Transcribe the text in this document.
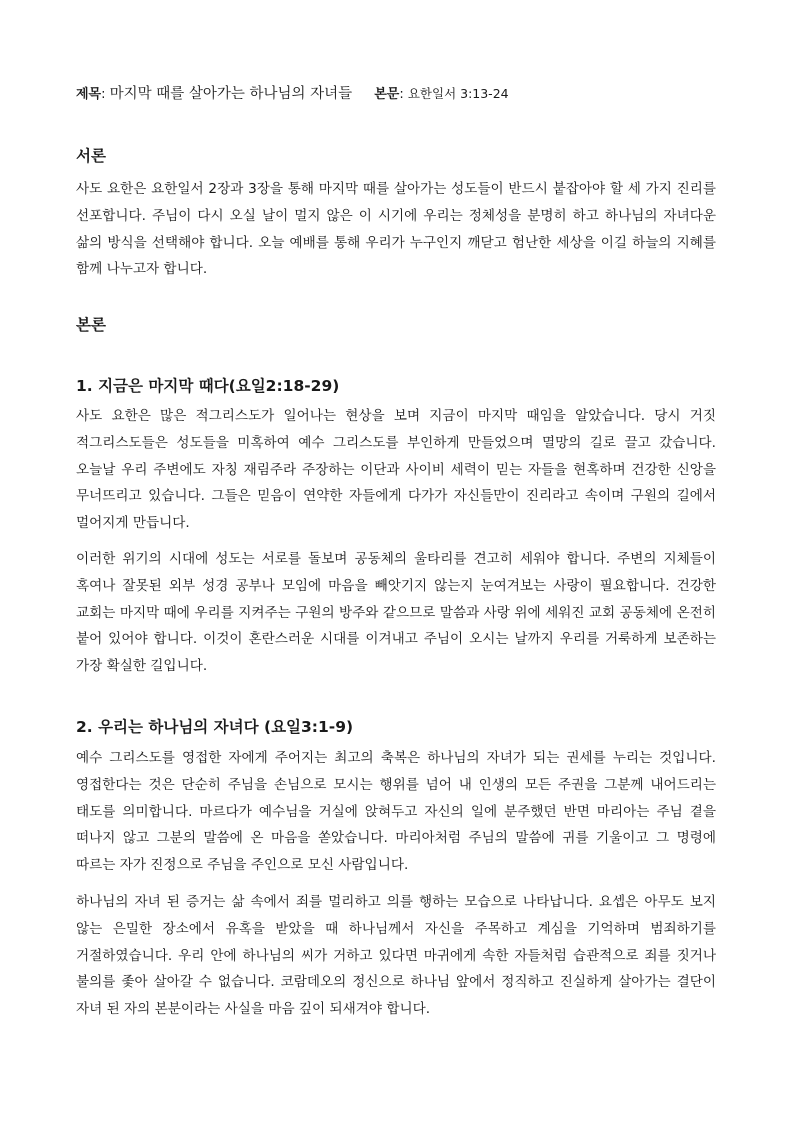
제목: 마지막 때를 살아가는 하나님의 자녀들 본문: 요한일서 3:13-24
서론

사도 요한은 요한일서 2장과 3장을 통해 마지막 때를 살아가는 성도들이 반드시 붙잡아야 할 세 가지 진리를 선포합니다. 주님이 다시 오실 날이 멀지 않은 이 시기에 우리는 정체성을 분명히 하고 하나님의 자녀다운 삶의 방식을 선택해야 합니다. 오늘 예배를 통해 우리가 누구인지 깨닫고 험난한 세상을 이길 하늘의 지혜를 함께 나누고자 합니다.

본론
1. 지금은 마지막 때다(요일2:18-29)

사도 요한은 많은 적그리스도가 일어나는 현상을 보며 지금이 마지막 때임을 알았습니다. 당시 거짓 적그리스도들은 성도들을 미혹하여 예수 그리스도를 부인하게 만들었으며 멸망의 길로 끌고 갔습니다. 오늘날 우리 주변에도 자칭 재림주라 주장하는 이단과 사이비 세력이 믿는 자들을 현혹하며 건강한 신앙을 무너뜨리고 있습니다. 그들은 믿음이 연약한 자들에게 다가가 자신들만이 진리라고 속이며 구원의 길에서 멀어지게 만듭니다.

이러한 위기의 시대에 성도는 서로를 돌보며 공동체의 울타리를 견고히 세워야 합니다. 주변의 지체들이 혹여나 잘못된 외부 성경 공부나 모임에 마음을 빼앗기지 않는지 눈여겨보는 사랑이 필요합니다. 건강한 교회는 마지막 때에 우리를 지켜주는 구원의 방주와 같으므로 말씀과 사랑 위에 세워진 교회 공동체에 온전히 붙어 있어야 합니다. 이것이 혼란스러운 시대를 이겨내고 주님이 오시는 날까지 우리를 거룩하게 보존하는 가장 확실한 길입니다.

2. 우리는 하나님의 자녀다 (요일3:1-9)

예수 그리스도를 영접한 자에게 주어지는 최고의 축복은 하나님의 자녀가 되는 권세를 누리는 것입니다. 영접한다는 것은 단순히 주님을 손님으로 모시는 행위를 넘어 내 인생의 모든 주권을 그분께 내어드리는 태도를 의미합니다. 마르다가 예수님을 거실에 앉혀두고 자신의 일에 분주했던 반면 마리아는 주님 곁을 떠나지 않고 그분의 말씀에 온 마음을 쏟았습니다. 마리아처럼 주님의 말씀에 귀를 기울이고 그 명령에 따르는 자가 진정으로 주님을 주인으로 모신 사람입니다.

하나님의 자녀 된 증거는 삶 속에서 죄를 멀리하고 의를 행하는 모습으로 나타납니다. 요셉은 아무도 보지 않는 은밀한 장소에서 유혹을 받았을 때 하나님께서 자신을 주목하고 계심을 기억하며 범죄하기를 거절하였습니다. 우리 안에 하나님의 씨가 거하고 있다면 마귀에게 속한 자들처럼 습관적으로 죄를 짓거나 불의를 좇아 살아갈 수 없습니다. 코람데오의 정신으로 하나님 앞에서 정직하고 진실하게 살아가는 결단이 자녀 된 자의 본분이라는 사실을 마음 깊이 되새겨야 합니다.
